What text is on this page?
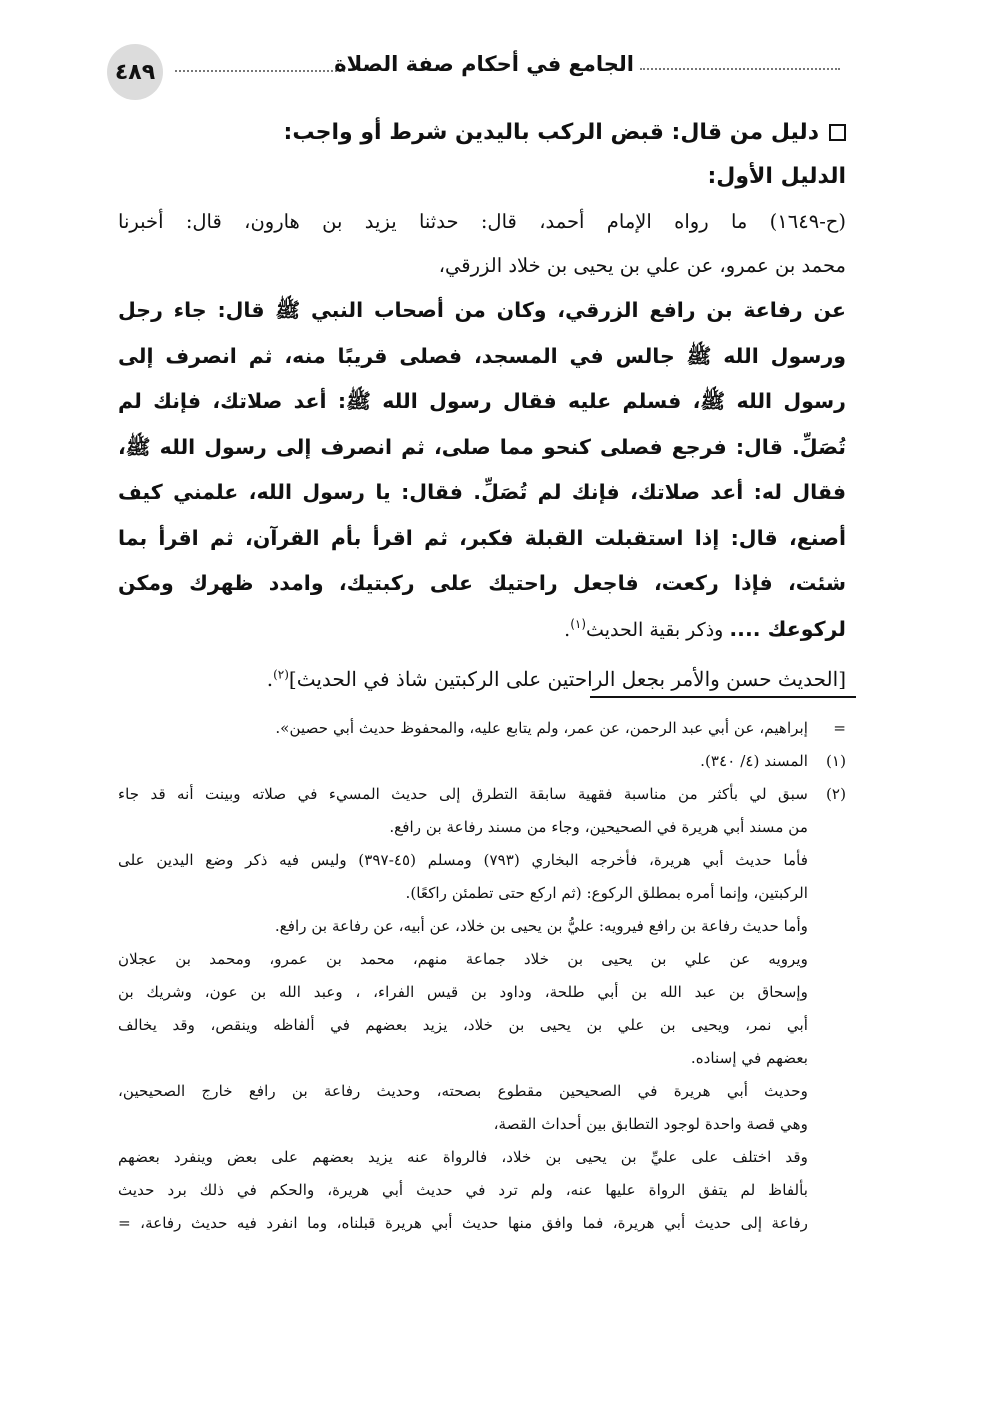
٤٨٩	الجامع في أحكام صفة الصلاة
دليل من قال: قبض الركب باليدين شرط أو واجب:
الدليل الأول:
(ح-١٦٤٩) ما رواه الإمام أحمد، قال: حدثنا يزيد بن هارون، قال: أخبرنا
محمد بن عمرو، عن علي بن يحيى بن خلاد الزرقي،
عن رفاعة بن رافع الزرقي، وكان من أصحاب النبي ﷺ قال: جاء رجل ورسول الله ﷺ جالس في المسجد، فصلى قريبًا منه، ثم انصرف إلى رسول الله ﷺ، فسلم عليه فقال رسول الله ﷺ: أعد صلاتك، فإنك لم تُصَلِّ. قال: فرجع فصلى كنحو مما صلى، ثم انصرف إلى رسول الله ﷺ، فقال له: أعد صلاتك، فإنك لم تُصَلِّ. فقال: يا رسول الله، علمني كيف أصنع، قال: إذا استقبلت القبلة فكبر، ثم اقرأ بأم القرآن، ثم اقرأ بما شئت، فإذا ركعت، فاجعل راحتيك على ركبتيك، وامدد ظهرك ومكن لركوعك .... وذكر بقية الحديث$^{(١)}$.
[الحديث حسن والأمر بجعل الراحتين على الركبتين شاذ في الحديث]$^{(٢)}$.
=
إبراهيم، عن أبي عبد الرحمن، عن عمر، ولم يتابع عليه، والمحفوظ حديث أبي حصين».
(١)
المسند (٤/ ٣٤٠).
(٢)
سبق لي بأكثر من مناسبة فقهية سابقة التطرق إلى حديث المسيء في صلاته وبينت أنه قد جاء
من مسند أبي هريرة في الصحيحين، وجاء من مسند رفاعة بن رافع.
فأما حديث أبي هريرة، فأخرجه البخاري (٧٩٣) ومسلم (٤٥-٣٩٧) وليس فيه ذكر وضع اليدين على
الركبتين، وإنما أمره بمطلق الركوع: (ثم اركع حتى تطمئن راكعًا).
وأما حديث رفاعة بن رافع فيرويه: عليُّ بن يحيى بن خلاد، عن أبيه، عن رفاعة بن رافع.
ويرويه عن علي بن يحيى بن خلاد جماعة منهم، محمد بن عمرو، ومحمد بن عجلان
وإسحاق بن عبد الله بن أبي طلحة، وداود بن قيس الفراء، ، وعبد الله بن عون، وشريك بن
أبي نمر، ويحيى بن علي بن يحيى بن خلاد، يزيد بعضهم في ألفاظه وينقص، وقد يخالف
بعضهم في إسناده.
وحديث أبي هريرة في الصحيحين مقطوع بصحته، وحديث رفاعة بن رافع خارج الصحيحين،
وهي قصة واحدة لوجود التطابق بين أحداث القصة،
وقد اختلف على عليِّ بن يحيى بن خلاد، فالرواة عنه يزيد بعضهم على بعض وينفرد بعضهم
بألفاظ لم يتفق الرواة عليها عنه، ولم ترد في حديث أبي هريرة، والحكم في ذلك برد حديث
رفاعة إلى حديث أبي هريرة، فما وافق منها حديث أبي هريرة قبلناه، وما انفرد فيه حديث رفاعة، =
